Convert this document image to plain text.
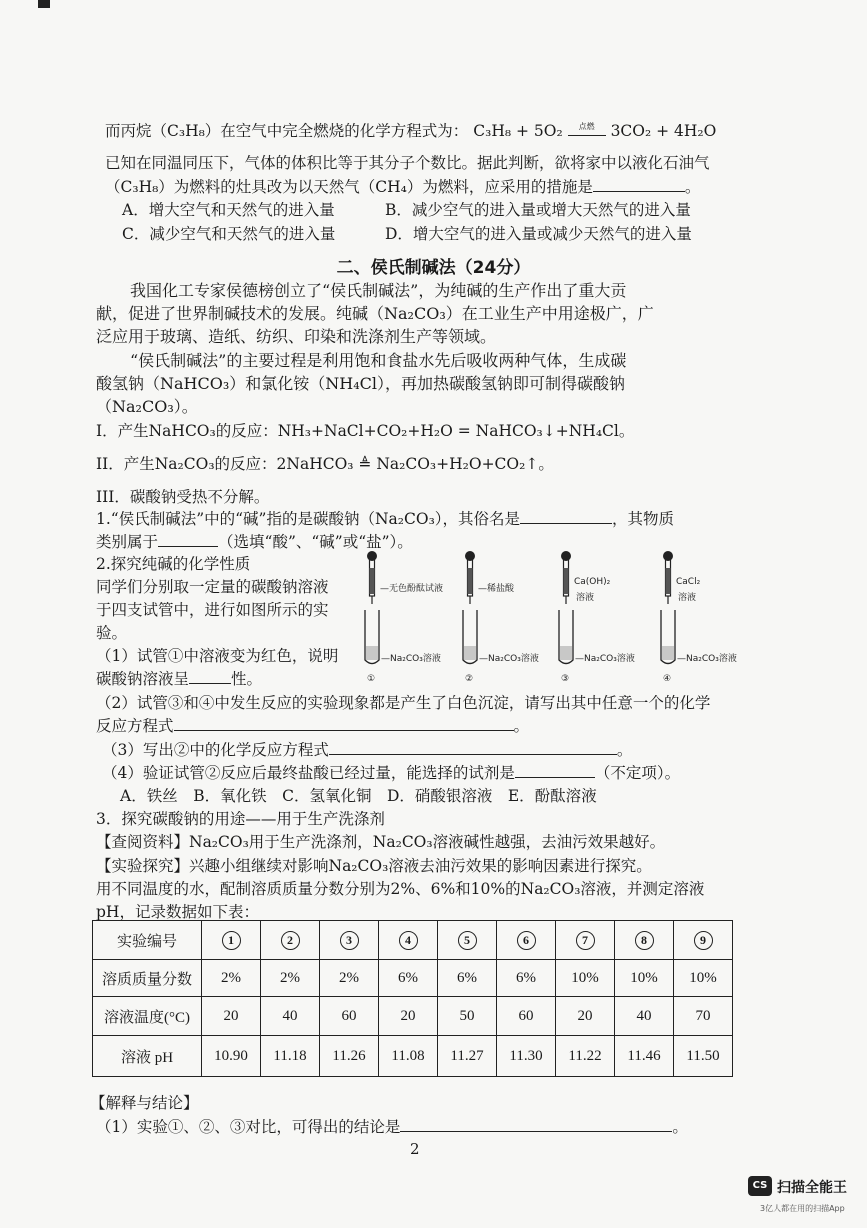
而丙烷（C₃H₈）在空气中完全燃烧的化学方程式为： C₃H₈ + 5O₂	点燃	3CO₂ + 4H₂O
已知在同温同压下，气体的体积比等于其分子个数比。据此判断，欲将家中以液化石油气
（C₃H₈）为燃料的灶具改为以天然气（CH₄）为燃料，应采用的措施是	。
A．增大空气和天然气的进入量	B．减少空气的进入量或增大天然气的进入量
C．减少空气和天然气的进入量	D．增大空气的进入量或减少天然气的进入量
二、侯氏制碱法（24分）
我国化工专家侯德榜创立了“侯氏制碱法”，为纯碱的生产作出了重大贡
献，促进了世界制碱技术的发展。纯碱（Na₂CO₃）在工业生产中用途极广，广
泛应用于玻璃、造纸、纺织、印染和洗涤剂生产等领域。
“侯氏制碱法”的主要过程是利用饱和食盐水先后吸收两种气体，生成碳
酸氢钠（NaHCO₃）和氯化铵（NH₄Cl），再加热碳酸氢钠即可制得碳酸钠
（Na₂CO₃）。
I．产生NaHCO₃的反应：NH₃+NaCl+CO₂+H₂O = NaHCO₃↓+NH₄Cl。
II．产生Na₂CO₃的反应：2NaHCO₃ ≜ Na₂CO₃+H₂O+CO₂↑。
III．碳酸钠受热不分解。
1.“侯氏制碱法”中的“碱”指的是碳酸钠（Na₂CO₃），其俗名是	，其物质
类别属于	（选填“酸”、“碱”或“盐”）。
2.探究纯碱的化学性质
同学们分别取一定量的碳酸钠溶液
于四支试管中，进行如图所示的实
验。
—无色酚酞试液
—Na₂CO₃溶液
①
—稀盐酸
—Na₂CO₃溶液
②
Ca(OH)₂
溶液
—Na₂CO₃溶液
③
CaCl₂
溶液
—Na₂CO₃溶液
④
（1）试管①中溶液变为红色，说明
碳酸钠溶液呈	性。
（2）试管③和④中发生反应的实验现象都是产生了白色沉淀，请写出其中任意一个的化学
反应方程式	。
（3）写出②中的化学反应方程式	。
（4）验证试管②反应后最终盐酸已经过量，能选择的试剂是	（不定项）。
A．铁丝　B．氧化铁　C．氢氧化铜　D．硝酸银溶液　E．酚酞溶液
3．探究碳酸钠的用途——用于生产洗涤剂
【查阅资料】Na₂CO₃用于生产洗涤剂，Na₂CO₃溶液碱性越强，去油污效果越好。
【实验探究】兴趣小组继续对影响Na₂CO₃溶液去油污效果的影响因素进行探究。
用不同温度的水，配制溶质质量分数分别为2%、6%和10%的Na₂CO₃溶液，并测定溶液
pH，记录数据如下表：
实验编号	1	2	3	4	5	6	7	8	9
溶质质量分数	2%	2%	2%	6%	6%	6%	10%	10%	10%
溶液温度(°C)	20	40	60	20	50	60	20	40	70
溶液 pH	10.90	11.18	11.26	11.08	11.27	11.30	11.22	11.46	11.50
【解释与结论】
（1）实验①、②、③对比，可得出的结论是	。
2
CS 扫描全能王
3亿人都在用的扫描App
